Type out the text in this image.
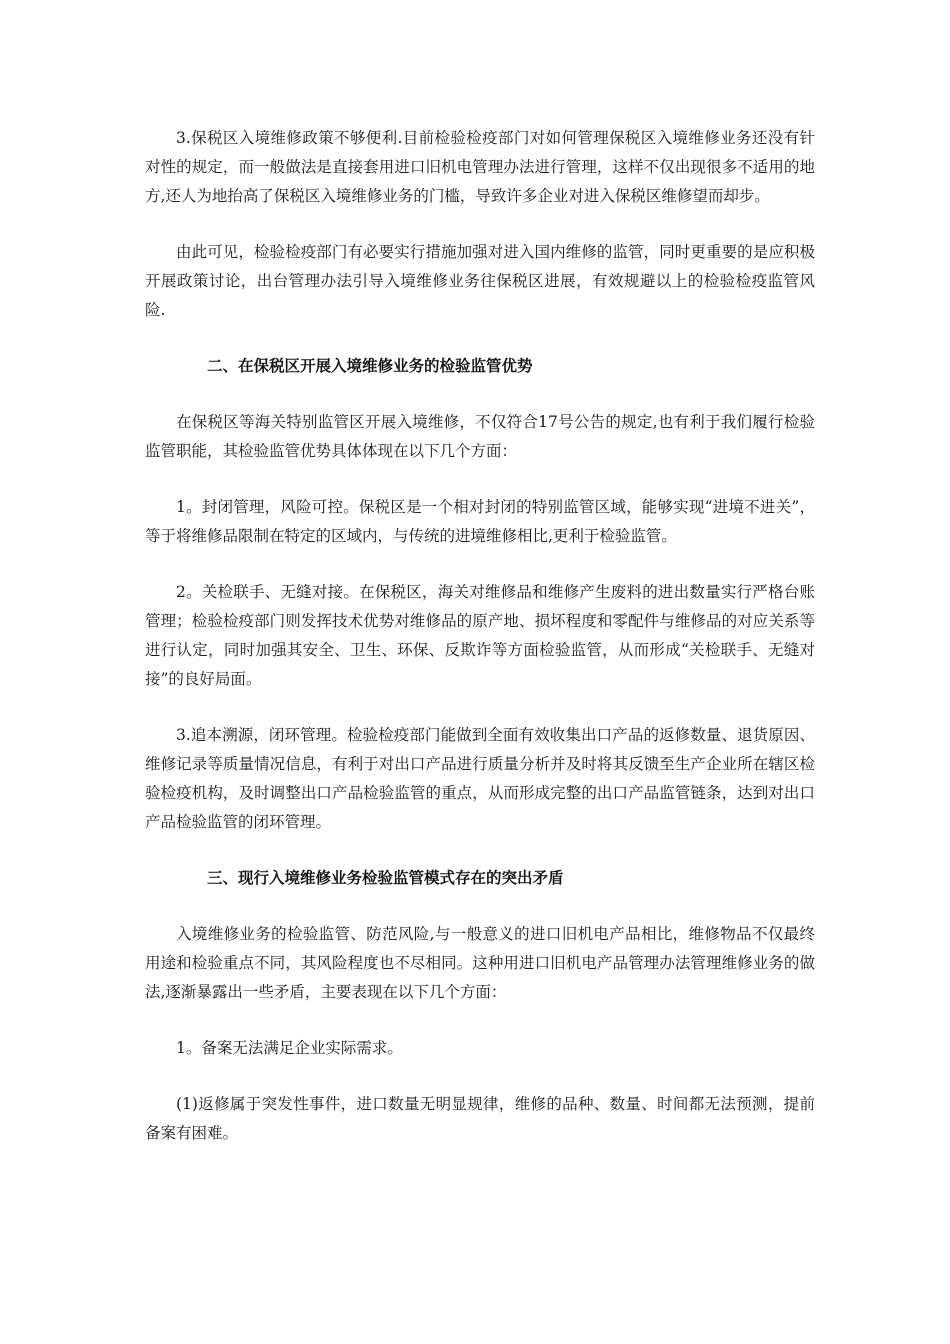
3.保税区入境维修政策不够便利.目前检验检疫部门对如何管理保税区入境维修业务还没有针对性的规定，而一般做法是直接套用进口旧机电管理办法进行管理，这样不仅出现很多不适用的地方,还人为地抬高了保税区入境维修业务的门槛，导致许多企业对进入保税区维修望而却步。

由此可见，检验检疫部门有必要实行措施加强对进入国内维修的监管，同时更重要的是应积极开展政策讨论，出台管理办法引导入境维修业务往保税区进展，有效规避以上的检验检疫监管风险.

二、在保税区开展入境维修业务的检验监管优势

在保税区等海关特别监管区开展入境维修，不仅符合17号公告的规定,也有利于我们履行检验监管职能，其检验监管优势具体体现在以下几个方面：

1。封闭管理，风险可控。保税区是一个相对封闭的特别监管区域，能够实现“进境不进关”，等于将维修品限制在特定的区域内，与传统的进境维修相比,更利于检验监管。

2。关检联手、无缝对接。在保税区，海关对维修品和维修产生废料的进出数量实行严格台账管理；检验检疫部门则发挥技术优势对维修品的原产地、损坏程度和零配件与维修品的对应关系等进行认定，同时加强其安全、卫生、环保、反欺诈等方面检验监管，从而形成“关检联手、无缝对接”的良好局面。

3.追本溯源，闭环管理。检验检疫部门能做到全面有效收集出口产品的返修数量、退货原因、维修记录等质量情况信息，有利于对出口产品进行质量分析并及时将其反馈至生产企业所在辖区检验检疫机构，及时调整出口产品检验监管的重点，从而形成完整的出口产品监管链条，达到对出口产品检验监管的闭环管理。

三、现行入境维修业务检验监管模式存在的突出矛盾

入境维修业务的检验监管、防范风险,与一般意义的进口旧机电产品相比，维修物品不仅最终用途和检验重点不同，其风险程度也不尽相同。这种用进口旧机电产品管理办法管理维修业务的做法,逐渐暴露出一些矛盾，主要表现在以下几个方面：

1。备案无法满足企业实际需求。

(1)返修属于突发性事件，进口数量无明显规律，维修的品种、数量、时间都无法预测，提前备案有困难。
